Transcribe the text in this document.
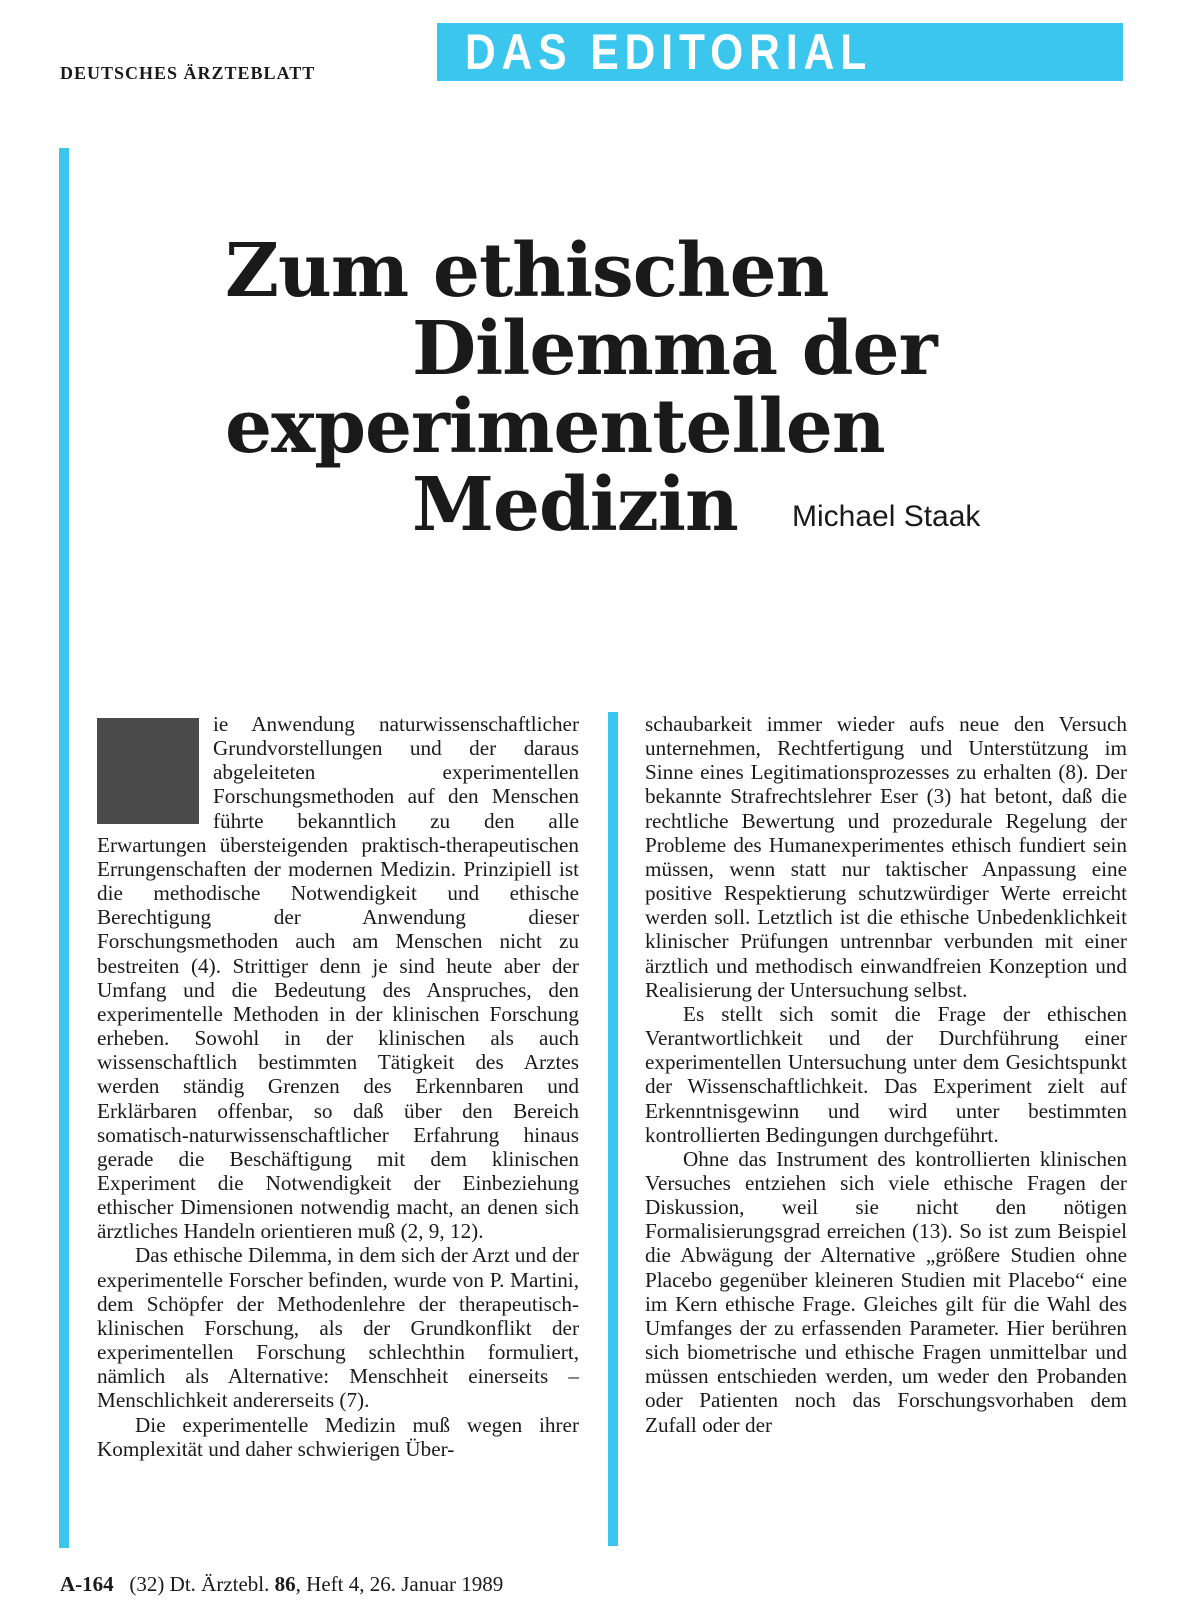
DEUTSCHES ÄRZTEBLATT	DAS EDITORIAL
Zum ethischen
Dilemma der
experimentellen
Medizin Michael Staak
D ie Anwendung naturwissenschaftlicher Grundvorstellungen und der daraus abgeleiteten experimentellen Forschungsmethoden auf den Menschen führte bekanntlich zu den alle Erwartungen übersteigenden praktisch-therapeutischen Errungenschaften der modernen Medizin. Prinzipiell ist die methodische Notwendigkeit und ethische Berechtigung der Anwendung dieser Forschungsmethoden auch am Menschen nicht zu bestreiten (4). Strittiger denn je sind heute aber der Umfang und die Bedeutung des Anspruches, den experimentelle Methoden in der klinischen Forschung erheben. Sowohl in der klinischen als auch wissenschaftlich bestimmten Tätigkeit des Arztes werden ständig Grenzen des Erkennbaren und Erklärbaren offenbar, so daß über den Bereich somatisch-naturwissenschaftlicher Erfahrung hinaus gerade die Beschäftigung mit dem klinischen Experiment die Notwendigkeit der Einbeziehung ethischer Dimensionen notwendig macht, an denen sich ärztliches Handeln orientieren muß (2, 9, 12).

Das ethische Dilemma, in dem sich der Arzt und der experimentelle Forscher befinden, wurde von P. Martini, dem Schöpfer der Methodenlehre der therapeutisch-klinischen Forschung, als der Grundkonflikt der experimentellen Forschung schlechthin formuliert, nämlich als Alternative: Menschheit einerseits – Menschlichkeit andererseits (7).

Die experimentelle Medizin muß wegen ihrer Komplexität und daher schwierigen Über-

schaubarkeit immer wieder aufs neue den Versuch unternehmen, Rechtfertigung und Unterstützung im Sinne eines Legitimationsprozesses zu erhalten (8). Der bekannte Strafrechtslehrer Eser (3) hat betont, daß die rechtliche Bewertung und prozedurale Regelung der Probleme des Humanexperimentes ethisch fundiert sein müssen, wenn statt nur taktischer Anpassung eine positive Respektierung schutzwürdiger Werte erreicht werden soll. Letztlich ist die ethische Unbedenklichkeit klinischer Prüfungen untrennbar verbunden mit einer ärztlich und methodisch einwandfreien Konzeption und Realisierung der Untersuchung selbst.

Es stellt sich somit die Frage der ethischen Verantwortlichkeit und der Durchführung einer experimentellen Untersuchung unter dem Gesichtspunkt der Wissenschaftlichkeit. Das Experiment zielt auf Erkenntnisgewinn und wird unter bestimmten kontrollierten Bedingungen durchgeführt.

Ohne das Instrument des kontrollierten klinischen Versuches entziehen sich viele ethische Fragen der Diskussion, weil sie nicht den nötigen Formalisierungsgrad erreichen (13). So ist zum Beispiel die Abwägung der Alternative „größere Studien ohne Placebo gegenüber kleineren Studien mit Placebo“ eine im Kern ethische Frage. Gleiches gilt für die Wahl des Umfanges der zu erfassenden Parameter. Hier berühren sich biometrische und ethische Fragen unmittelbar und müssen entschieden werden, um weder den Probanden oder Patienten noch das Forschungsvorhaben dem Zufall oder der

A-164 (32) Dt. Ärztebl. 86, Heft 4, 26. Januar 1989
